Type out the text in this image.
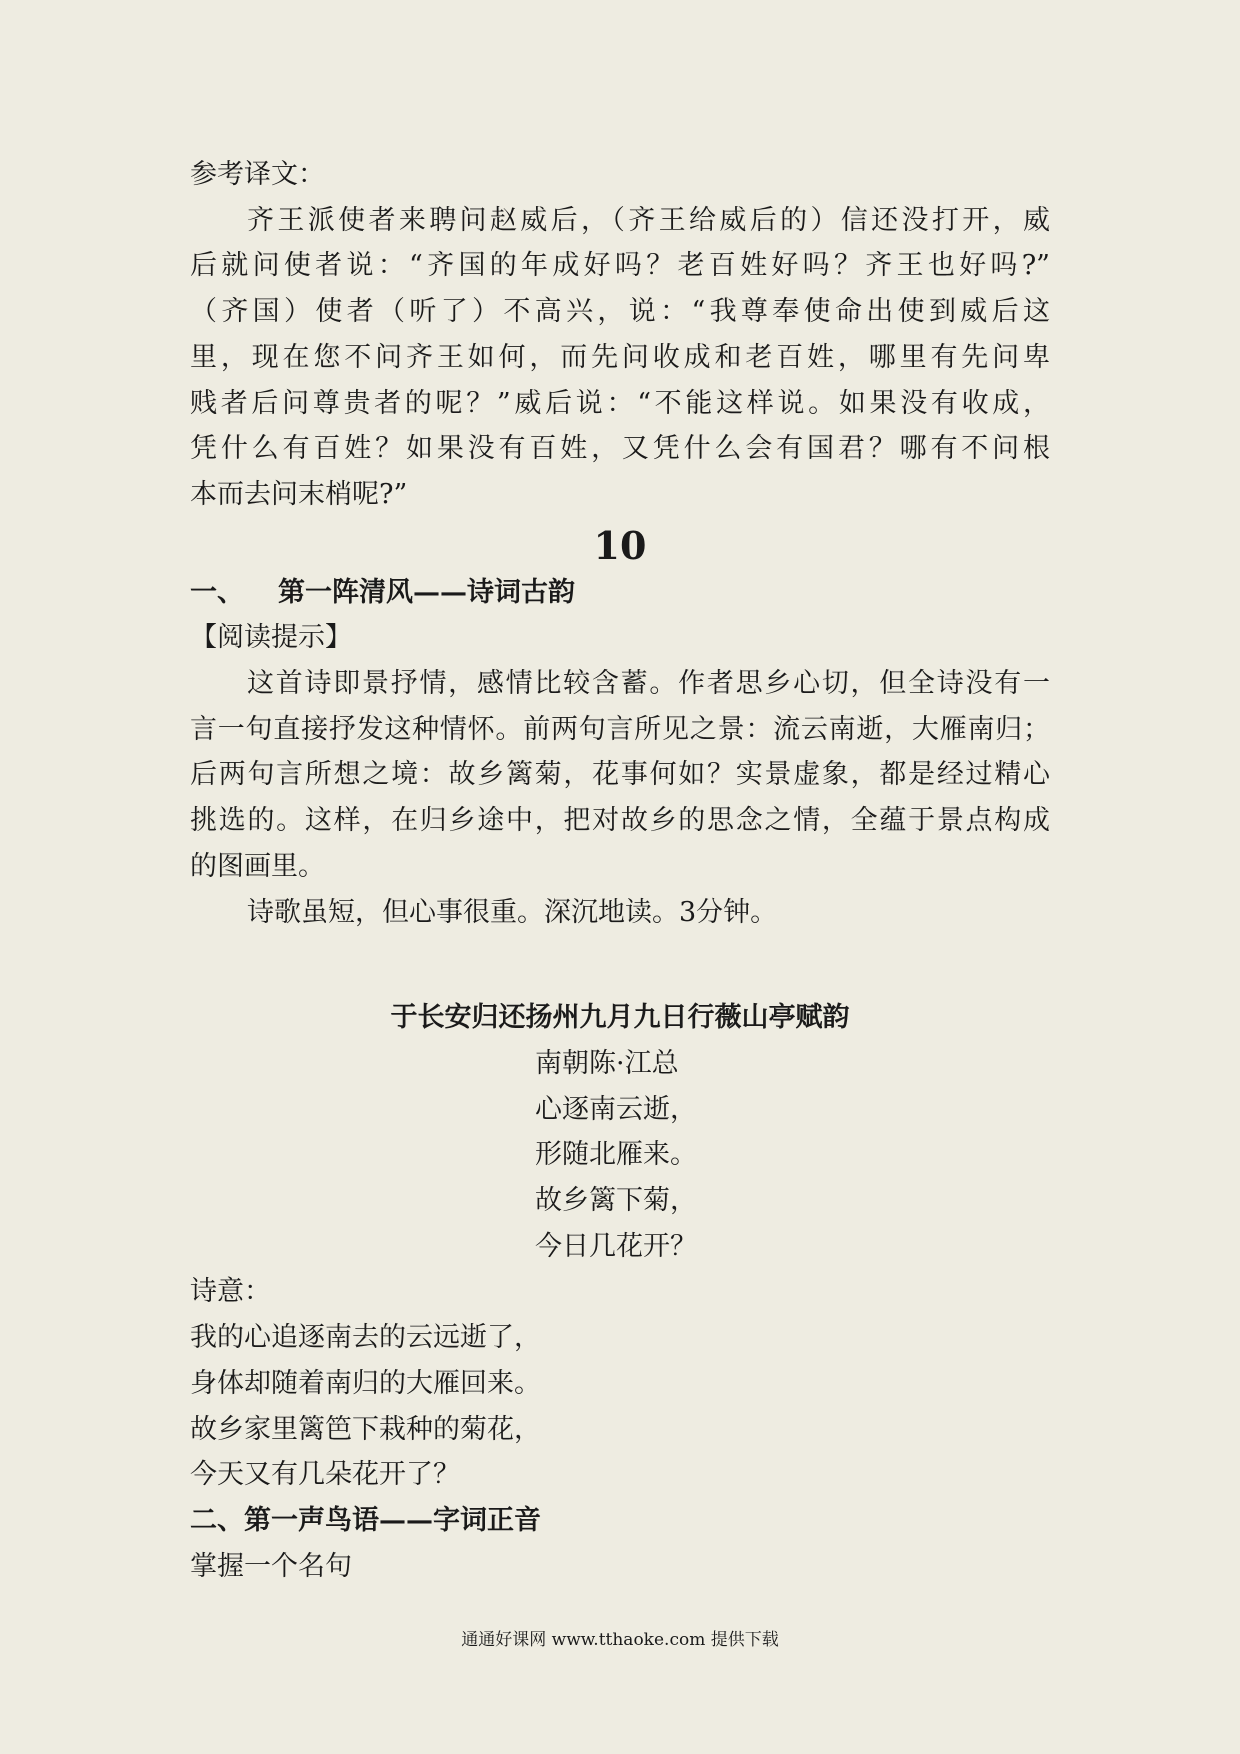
参考译文：
齐王派使者来聘问赵威后，（齐王给威后的）信还没打开，威
后就问使者说：“齐国的年成好吗？老百姓好吗？齐王也好吗?”
（齐国）使者（听了）不高兴，说：“我尊奉使命出使到威后这
里，现在您不问齐王如何，而先问收成和老百姓，哪里有先问卑
贱者后问尊贵者的呢？”威后说：“不能这样说。如果没有收成，
凭什么有百姓？如果没有百姓，又凭什么会有国君？哪有不问根
本而去问末梢呢?”
10
一、 第一阵清风——诗词古韵
【阅读提示】
这首诗即景抒情，感情比较含蓄。作者思乡心切，但全诗没有一
言一句直接抒发这种情怀。前两句言所见之景：流云南逝，大雁南归；
后两句言所想之境：故乡篱菊，花事何如？实景虚象，都是经过精心
挑选的。这样，在归乡途中，把对故乡的思念之情，全蕴于景点构成
的图画里。
诗歌虽短，但心事很重。深沉地读。3分钟。
于长安归还扬州九月九日行薇山亭赋韵
南朝陈·江总
心逐南云逝，
形随北雁来。
故乡篱下菊，
今日几花开？
诗意：
我的心追逐南去的云远逝了，
身体却随着南归的大雁回来。
故乡家里篱笆下栽种的菊花，
今天又有几朵花开了？
二、第一声鸟语——字词正音
掌握一个名句
通通好课网 www.tthaoke.com 提供下载
